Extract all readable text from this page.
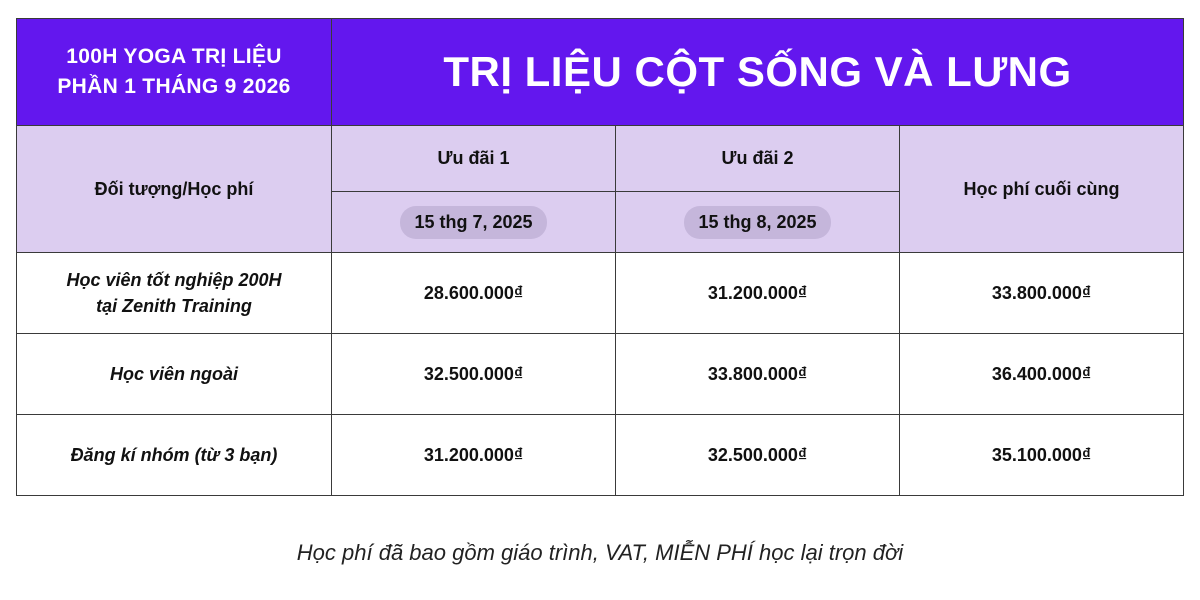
100H YOGA TRỊ LIỆU
PHẦN 1 THÁNG 9 2026	TRỊ LIỆU CỘT SỐNG VÀ LƯNG		
Đối tượng/Học phí	Ưu đãi 1	Ưu đãi 2	Học phí cuối cùng
	15 thg 7, 2025	15 thg 8, 2025	

Học viên tốt nghiệp 200H
tại Zenith Training	28.600.000₫	31.200.000₫	33.800.000₫

Học viên ngoài	32.500.000₫	33.800.000₫	36.400.000₫

Đăng kí nhóm (từ 3 bạn)	31.200.000₫	32.500.000₫	35.100.000₫
Học phí đã bao gồm giáo trình, VAT, MIỄN PHÍ học lại trọn đời
